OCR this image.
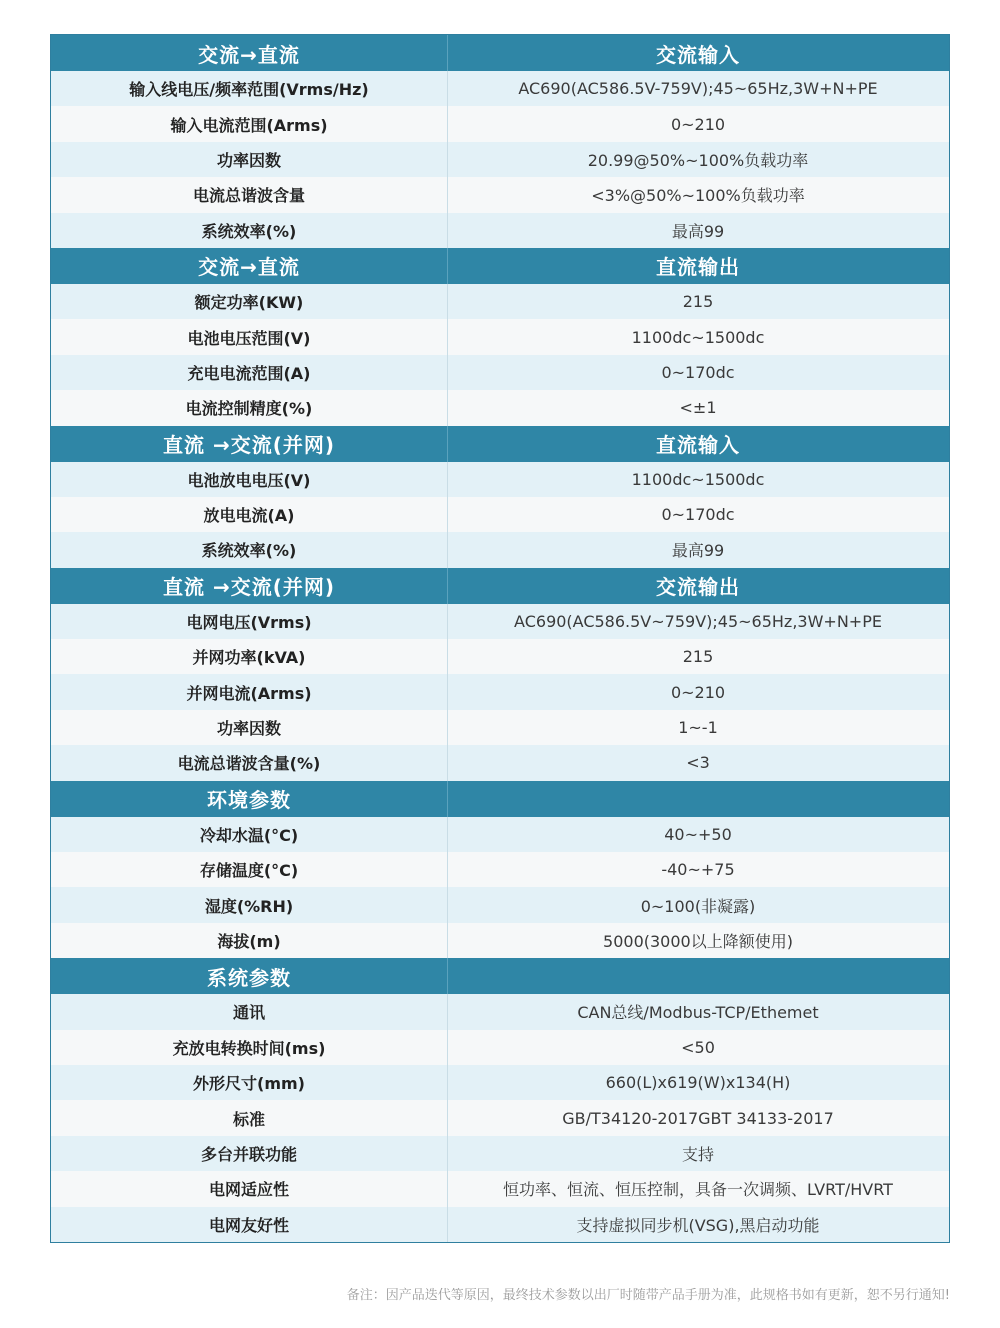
交流→直流	交流输入
输入线电压/频率范围(Vrms/Hz)	AC690(AC586.5V-759V);45~65Hz,3W+N+PE
输入电流范围(Arms)	0~210
功率因数	20.99@50%~100%负载功率
电流总谐波含量	<3%@50%~100%负载功率
系统效率(%)	最高99
交流→直流	直流输出
额定功率(KW)	215
电池电压范围(V)	1100dc~1500dc
充电电流范围(A)	0~170dc
电流控制精度(%)	<±1
直流 →交流(并网)	直流输入
电池放电电压(V)	1100dc~1500dc
放电电流(A)	0~170dc
系统效率(%)	最高99
直流 →交流(并网)	交流输出
电网电压(Vrms)	AC690(AC586.5V~759V);45~65Hz,3W+N+PE
并网功率(kVA)	215
并网电流(Arms)	0~210
功率因数	1~-1
电流总谐波含量(%)	<3
环境参数
冷却水温(°C)	40~+50
存储温度(°C)	-40~+75
湿度(%RH)	0~100(非凝露)
海拔(m)	5000(3000以上降额使用)
系统参数
通讯	CAN总线/Modbus-TCP/Ethemet
充放电转换时间(ms)	<50
外形尺寸(mm)	660(L)x619(W)x134(H)
标准	GB/T34120-2017GBT 34133-2017
多台并联功能	支持
电网适应性	恒功率、恒流、恒压控制，具备一次调频、LVRT/HVRT
电网友好性	支持虚拟同步机(VSG),黑启动功能
备注：因产品迭代等原因，最终技术参数以出厂时随带产品手册为准，此规格书如有更新，恕不另行通知!
